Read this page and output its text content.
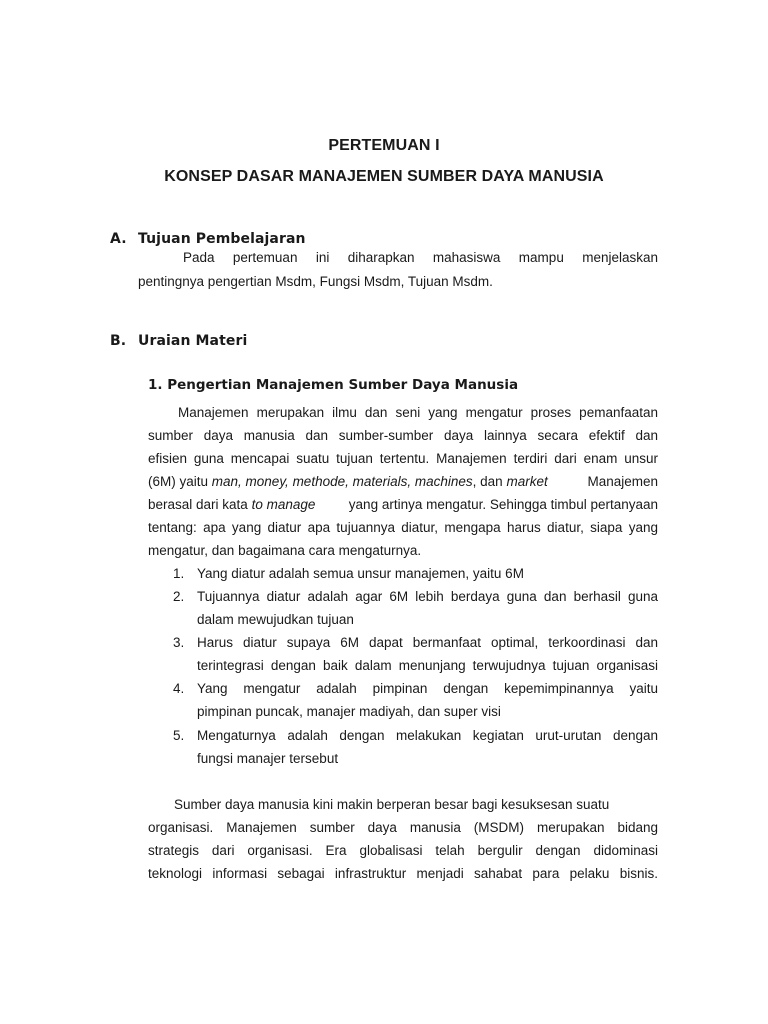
PERTEMUAN I
KONSEP DASAR MANAJEMEN SUMBER DAYA MANUSIA
A. Tujuan Pembelajaran
Pada pertemuan ini diharapkan mahasiswa mampu menjelaskan
pentingnya pengertian Msdm, Fungsi Msdm, Tujuan Msdm.
B. Uraian Materi
1. Pengertian Manajemen Sumber Daya Manusia
Manajemen merupakan ilmu dan seni yang mengatur proses pemanfaatan
sumber daya manusia dan sumber-sumber daya lainnya secara efektif dan
efisien guna mencapai suatu tujuan tertentu. Manajemen terdiri dari enam unsur
(6M) yaitu man, money, methode, materials, machines, dan market	Manajemen
berasal dari kata to manage yang artinya mengatur. Sehingga timbul pertanyaan
tentang: apa yang diatur apa tujuannya diatur, mengapa harus diatur, siapa yang
mengatur, dan bagaimana cara mengaturnya.
1. Yang diatur adalah semua unsur manajemen, yaitu 6M
2. Tujuannya diatur adalah agar 6M lebih berdaya guna dan berhasil guna
dalam mewujudkan tujuan
3. Harus diatur supaya 6M dapat bermanfaat optimal, terkoordinasi dan
terintegrasi dengan baik dalam menunjang terwujudnya tujuan organisasi
4. Yang mengatur adalah pimpinan dengan kepemimpinannya yaitu
pimpinan puncak, manajer madiyah, dan super visi
5. Mengaturnya adalah dengan melakukan kegiatan urut-urutan dengan
fungsi manajer tersebut
Sumber daya manusia kini makin berperan besar bagi kesuksesan suatu
organisasi. Manajemen sumber daya manusia (MSDM) merupakan bidang
strategis dari organisasi. Era globalisasi telah bergulir dengan didominasi
teknologi informasi sebagai infrastruktur menjadi sahabat para pelaku bisnis.
